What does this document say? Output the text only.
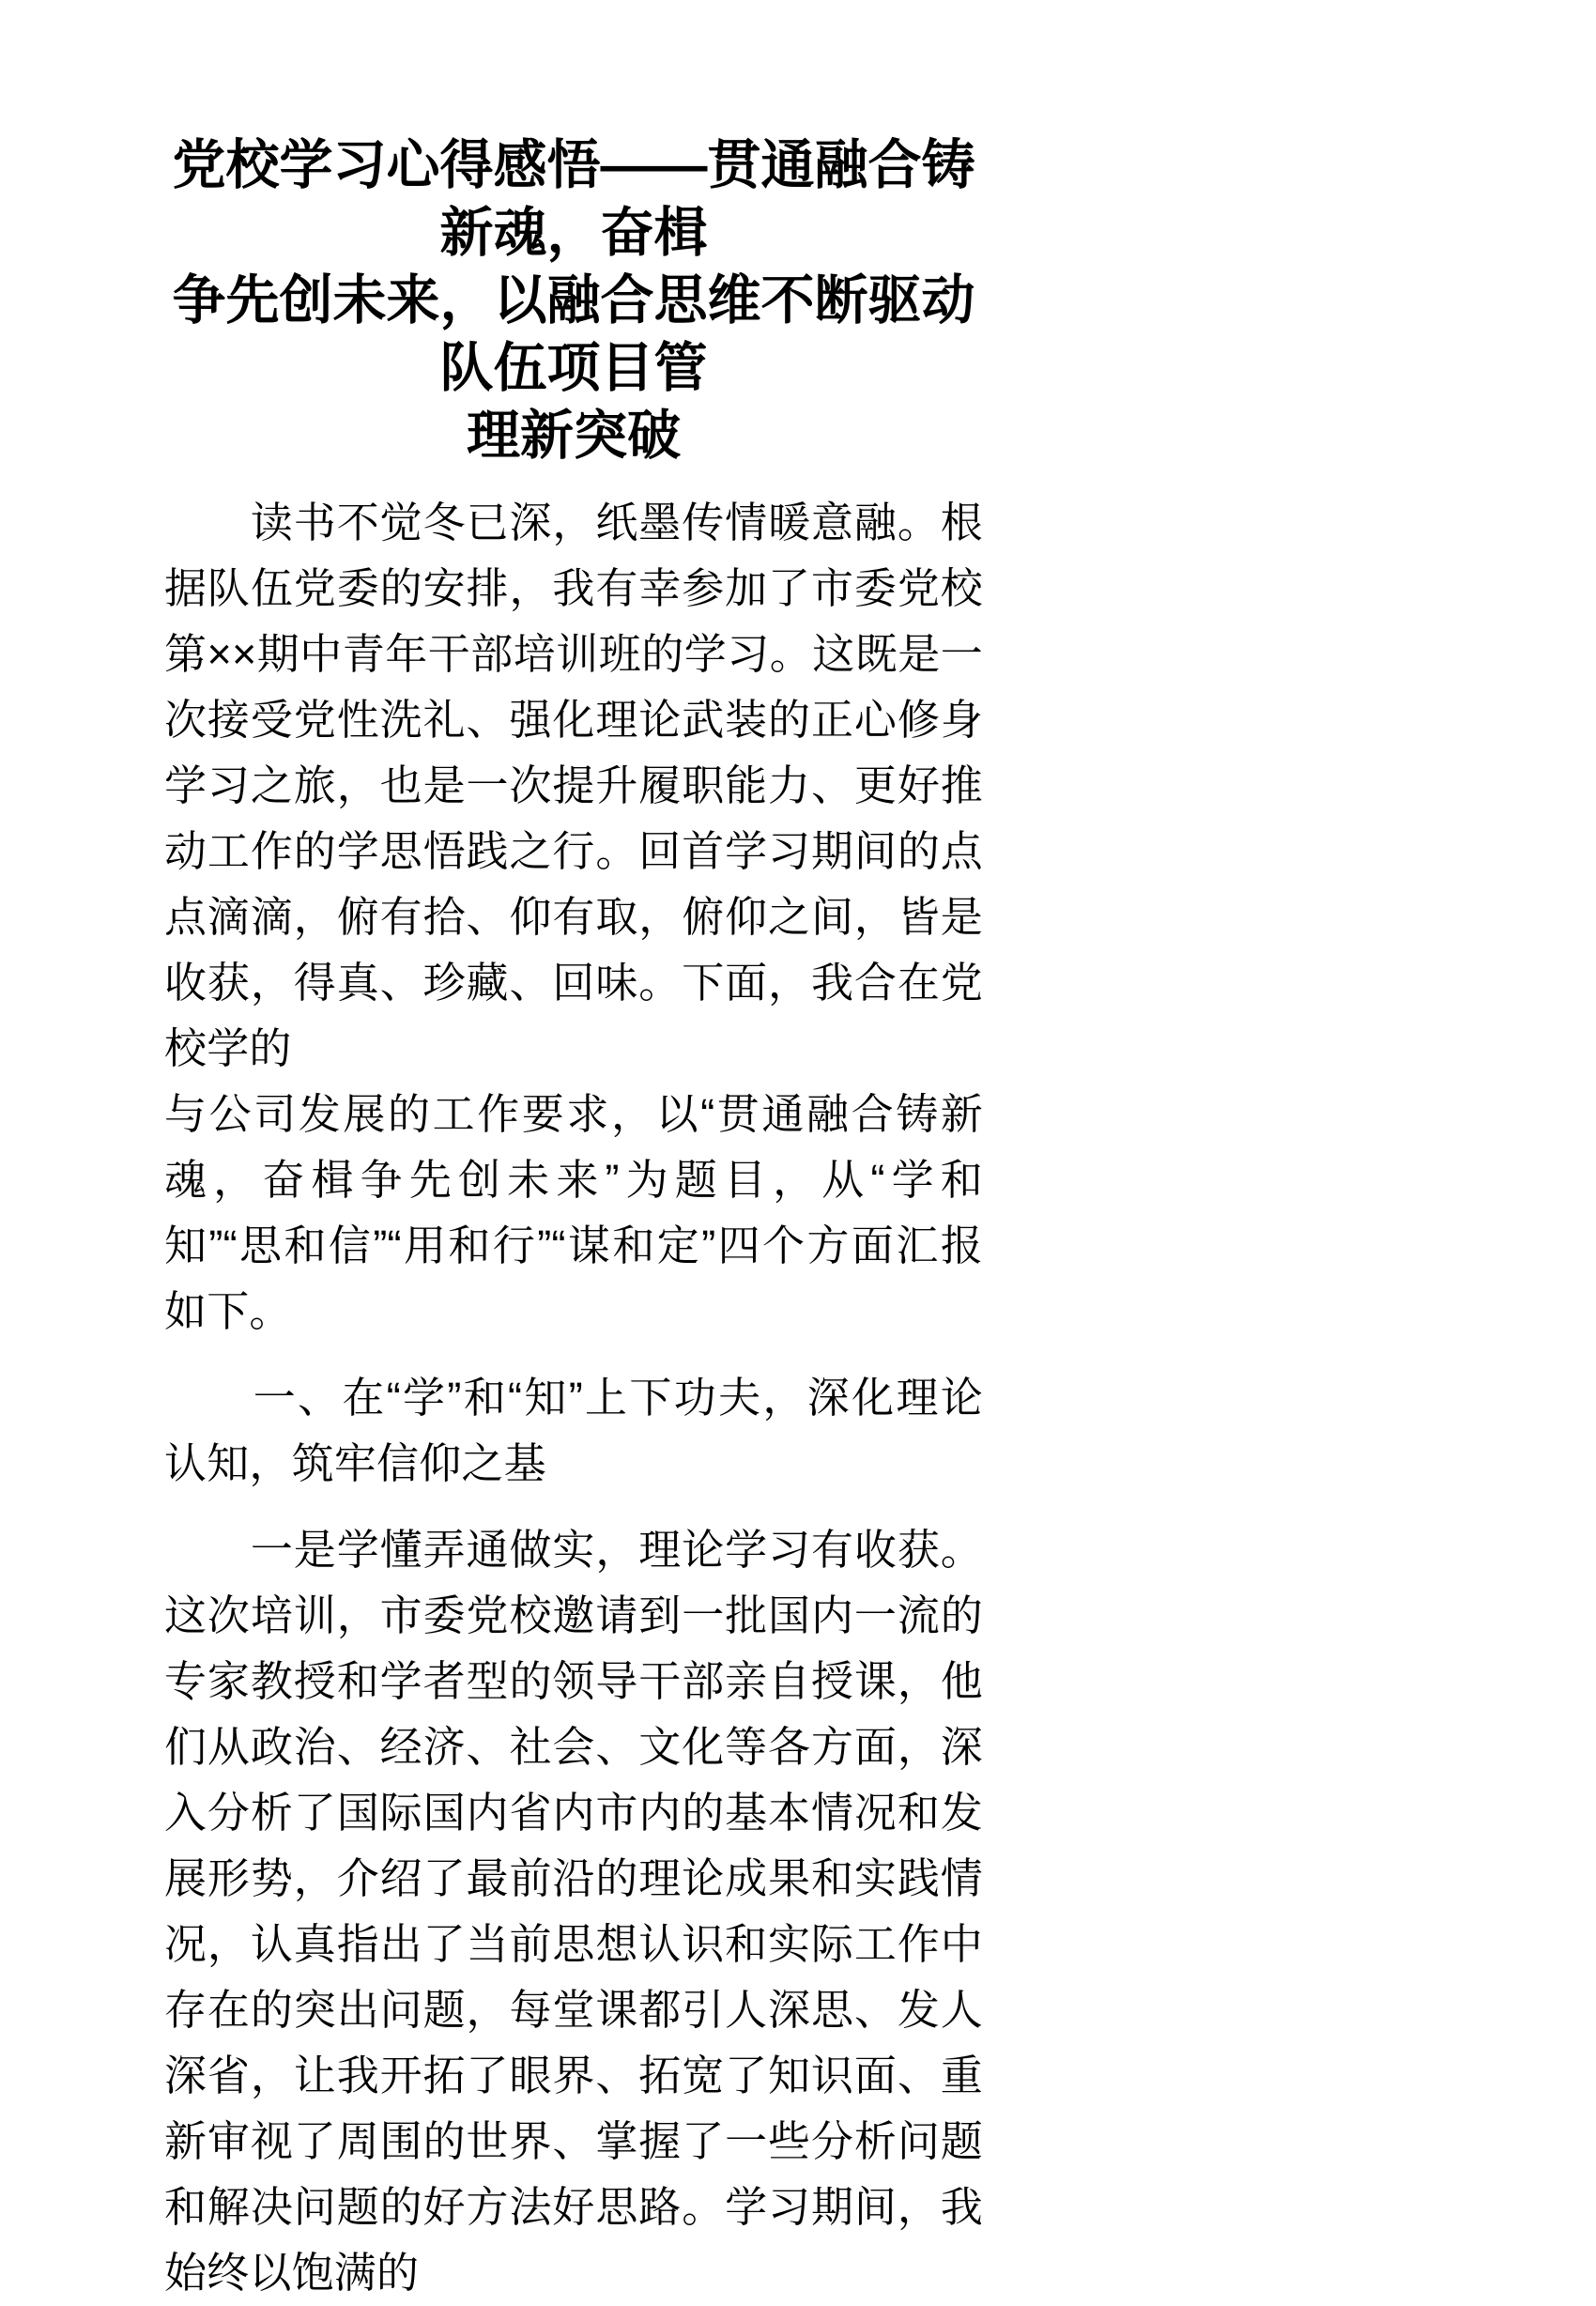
党校学习心得感悟——贯通融合铸新魂，奋楫
争先创未来，以融合思维不断驱动队伍项目管
理新突破

读书不觉冬已深，纸墨传情暖意融。根据队伍党委的安排，我有幸参加了市委党校第××期中青年干部培训班的学习。这既是一次接受党性洗礼、强化理论武装的正心修身学习之旅，也是一次提升履职能力、更好推动工作的学思悟践之行。回首学习期间的点点滴滴，俯有拾、仰有取，俯仰之间，皆是收获，得真、珍藏、回味。下面，我合在党校学的

与公司发展的工作要求，以“贯通融合铸新魂，奋楫争先创未来”为题目，从“学和知”“思和信”“用和行”“谋和定”四个方面汇报如下。

一、在“学”和“知”上下功夫，深化理论认知，筑牢信仰之基

一是学懂弄通做实，理论学习有收获。这次培训，市委党校邀请到一批国内一流的专家教授和学者型的领导干部亲自授课，他们从政治、经济、社会、文化等各方面，深入分析了国际国内省内市内的基本情况和发展形势，介绍了最前沿的理论成果和实践情况，认真指出了当前思想认识和实际工作中存在的突出问题，每堂课都引人深思、发人深省，让我开拓了眼界、拓宽了知识面、重新审视了周围的世界、掌握了一些分析问题和解决问题的好方法好思路。学习期间，我始终以饱满的
